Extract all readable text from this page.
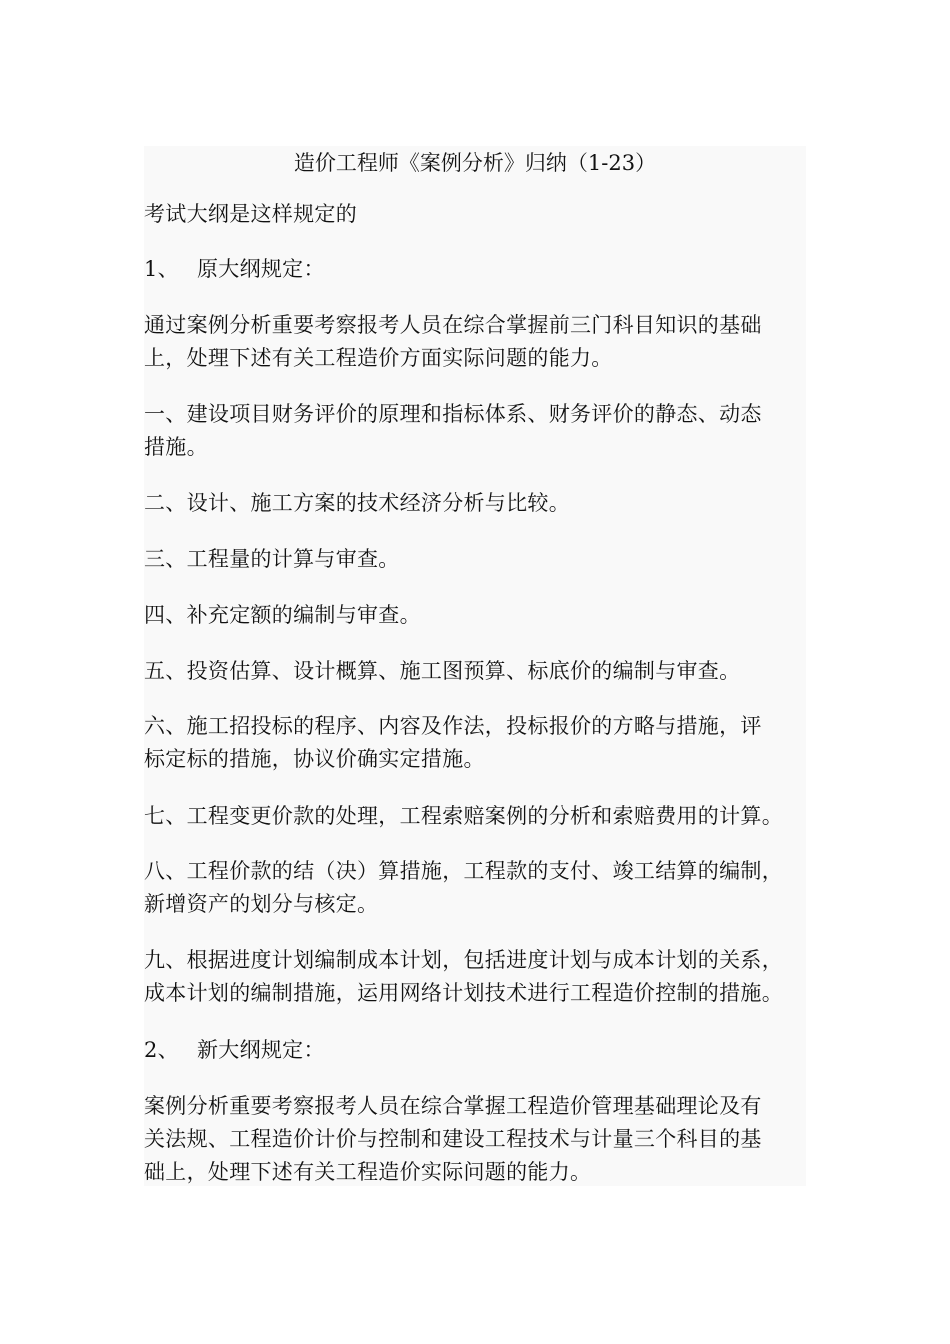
造价工程师《案例分析》归纳（1-23）

考试大纲是这样规定的

1、 原大纲规定：

通过案例分析重要考察报考人员在综合掌握前三门科目知识的基础
上，处理下述有关工程造价方面实际问题的能力。

一、建设项目财务评价的原理和指标体系、财务评价的静态、动态
措施。

二、设计、施工方案的技术经济分析与比较。

三、工程量的计算与审查。

四、补充定额的编制与审查。

五、投资估算、设计概算、施工图预算、标底价的编制与审查。

六、施工招投标的程序、内容及作法，投标报价的方略与措施，评
标定标的措施，协议价确实定措施。

七、工程变更价款的处理，工程索赔案例的分析和索赔费用的计算。

八、工程价款的结（决）算措施，工程款的支付、竣工结算的编制，
新增资产的划分与核定。

九、根据进度计划编制成本计划，包括进度计划与成本计划的关系，
成本计划的编制措施，运用网络计划技术进行工程造价控制的措施。

2、 新大纲规定：

案例分析重要考察报考人员在综合掌握工程造价管理基础理论及有
关法规、工程造价计价与控制和建设工程技术与计量三个科目的基
础上，处理下述有关工程造价实际问题的能力。
